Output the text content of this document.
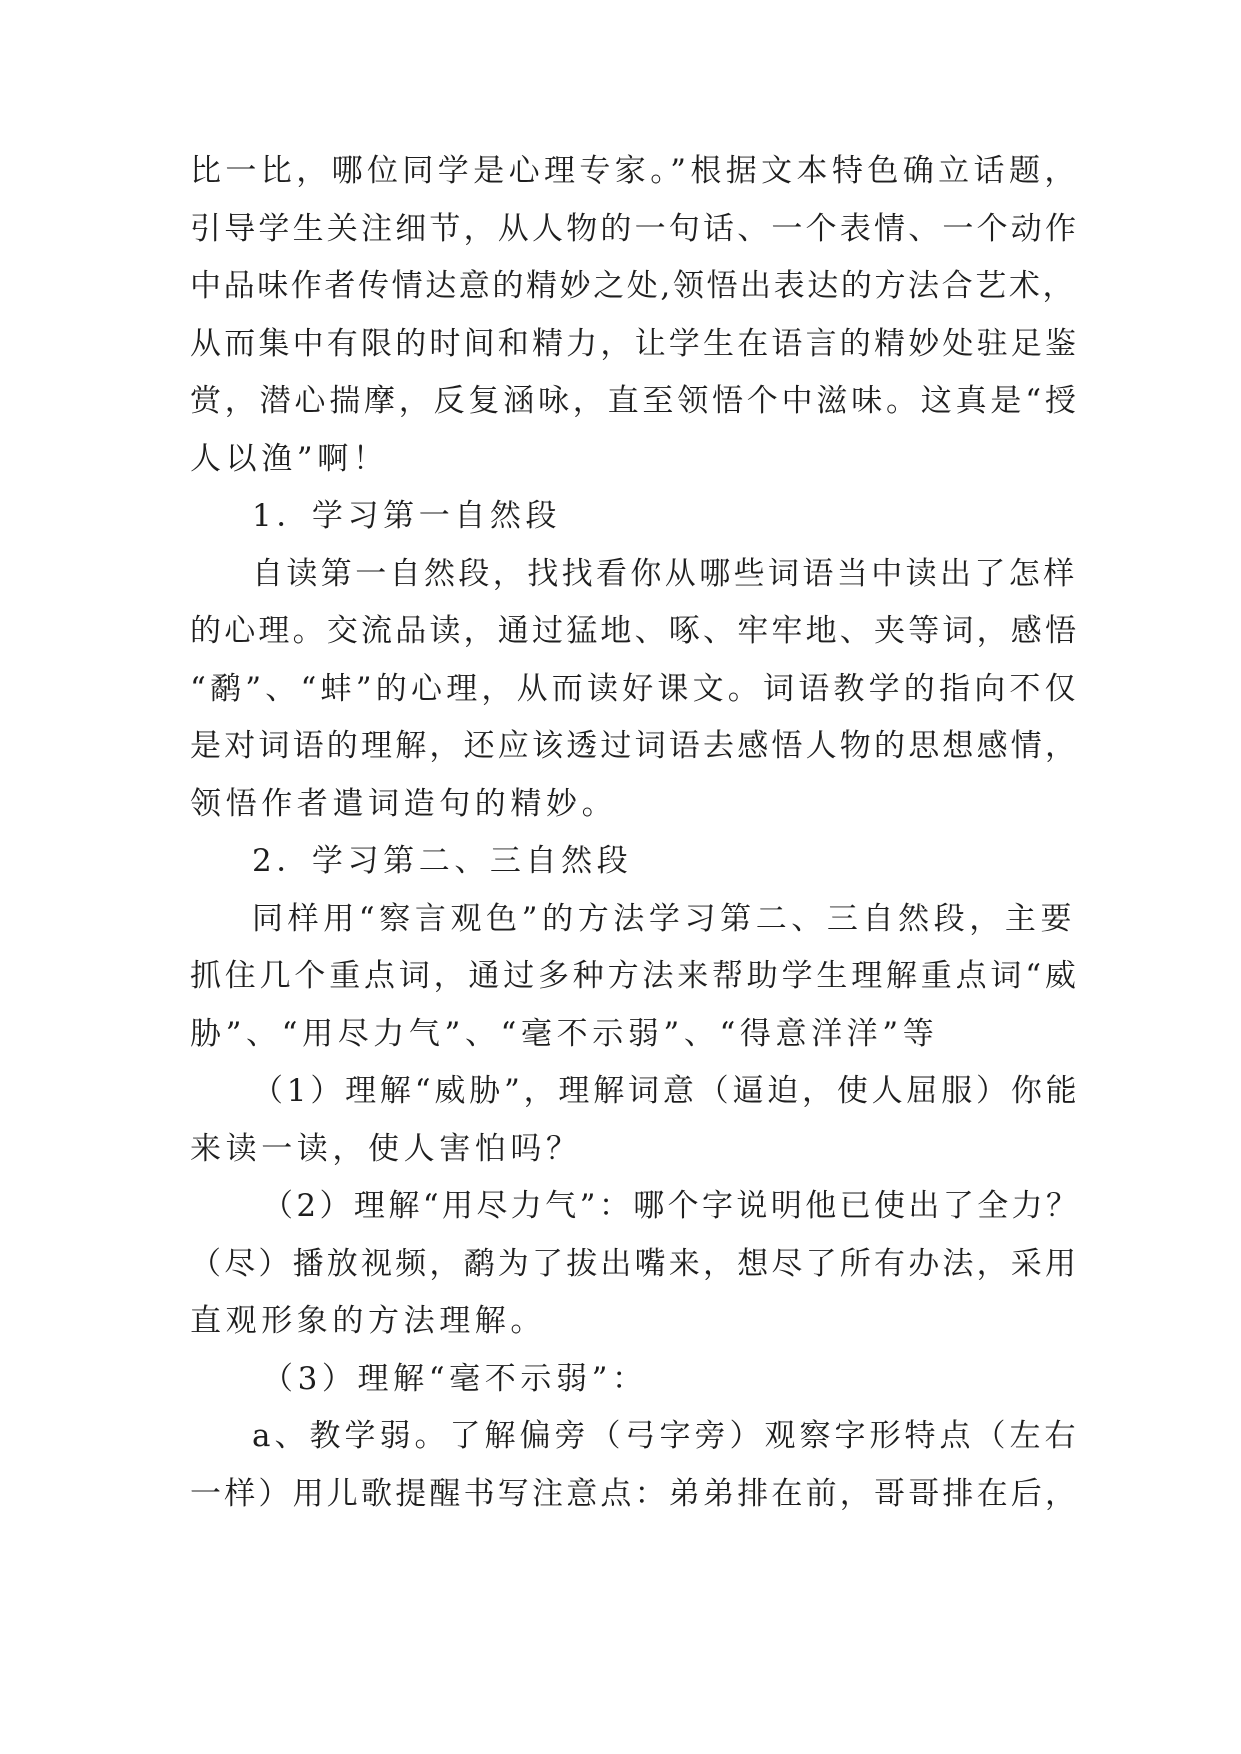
比一比，哪位同学是心理专家。”根据文本特色确立话题，
引导学生关注细节，从人物的一句话、一个表情、一个动作
中品味作者传情达意的精妙之处,领悟出表达的方法合艺术，
从而集中有限的时间和精力，让学生在语言的精妙处驻足鉴
赏，潜心揣摩，反复涵咏，直至领悟个中滋味。这真是“授
人以渔”啊！
1．学习第一自然段
自读第一自然段，找找看你从哪些词语当中读出了怎样
的心理。交流品读，通过猛地、啄、牢牢地、夹等词，感悟
“鹬”、“蚌”的心理，从而读好课文。词语教学的指向不仅
是对词语的理解，还应该透过词语去感悟人物的思想感情，
领悟作者遣词造句的精妙。
2．学习第二、三自然段
同样用“察言观色”的方法学习第二、三自然段，主要
抓住几个重点词，通过多种方法来帮助学生理解重点词“威
胁”、“用尽力气”、“毫不示弱”、“得意洋洋”等
（1）理解“威胁”，理解词意（逼迫，使人屈服）你能
来读一读，使人害怕吗？
（2）理解“用尽力气”：哪个字说明他已使出了全力？
（尽）播放视频，鹬为了拔出嘴来，想尽了所有办法，采用
直观形象的方法理解。
（3）理解“毫不示弱”：
a、教学弱。了解偏旁（弓字旁）观察字形特点（左右
一样）用儿歌提醒书写注意点：弟弟排在前，哥哥排在后，
